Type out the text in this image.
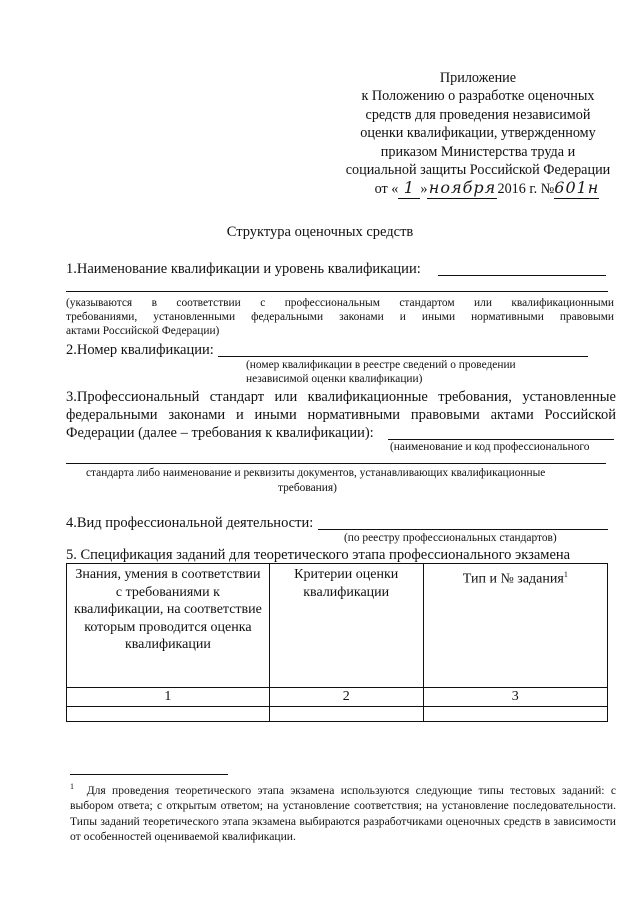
Приложение
к Положению о разработке оценочных
средств для проведения независимой
оценки квалификации, утвержденному
приказом Министерства труда и
социальной защиты Российской Федерации
от « 1 »ноября2016 г. №601н
Структура оценочных средств
1.Наименование квалификации и уровень квалификации:
(указываются в соответствии с профессиональным стандартом или квалификационными
требованиями, установленными федеральными законами и иными нормативными правовыми
актами Российской Федерации)
2.Номер квалификации:
(номер квалификации в реестре сведений о проведении
независимой оценки квалификации)
3.Профессиональный стандарт или квалификационные требования, установленные
федеральными законами и иными нормативными правовыми актами Российской
Федерации (далее – требования к квалификации):
(наименование и код профессионального
стандарта либо наименование и реквизиты документов, устанавливающих квалификационные
требования)
4.Вид профессиональной деятельности:
(по реестру профессиональных стандартов)
5. Спецификация заданий для теоретического этапа профессионального экзамена
Знания, умения в соответствии с требованиями к квалификации, на соответствие которым проводится оценка квалификации	Критерии оценки квалификации	Тип и № задания$^1$
1	2	3

$^1$ Для проведения теоретического этапа экзамена используются следующие типы тестовых заданий: с выбором ответа; с открытым ответом; на установление соответствия; на установление последовательности. Типы заданий теоретического этапа экзамена выбираются разработчиками оценочных средств в зависимости от особенностей оцениваемой квалификации.
